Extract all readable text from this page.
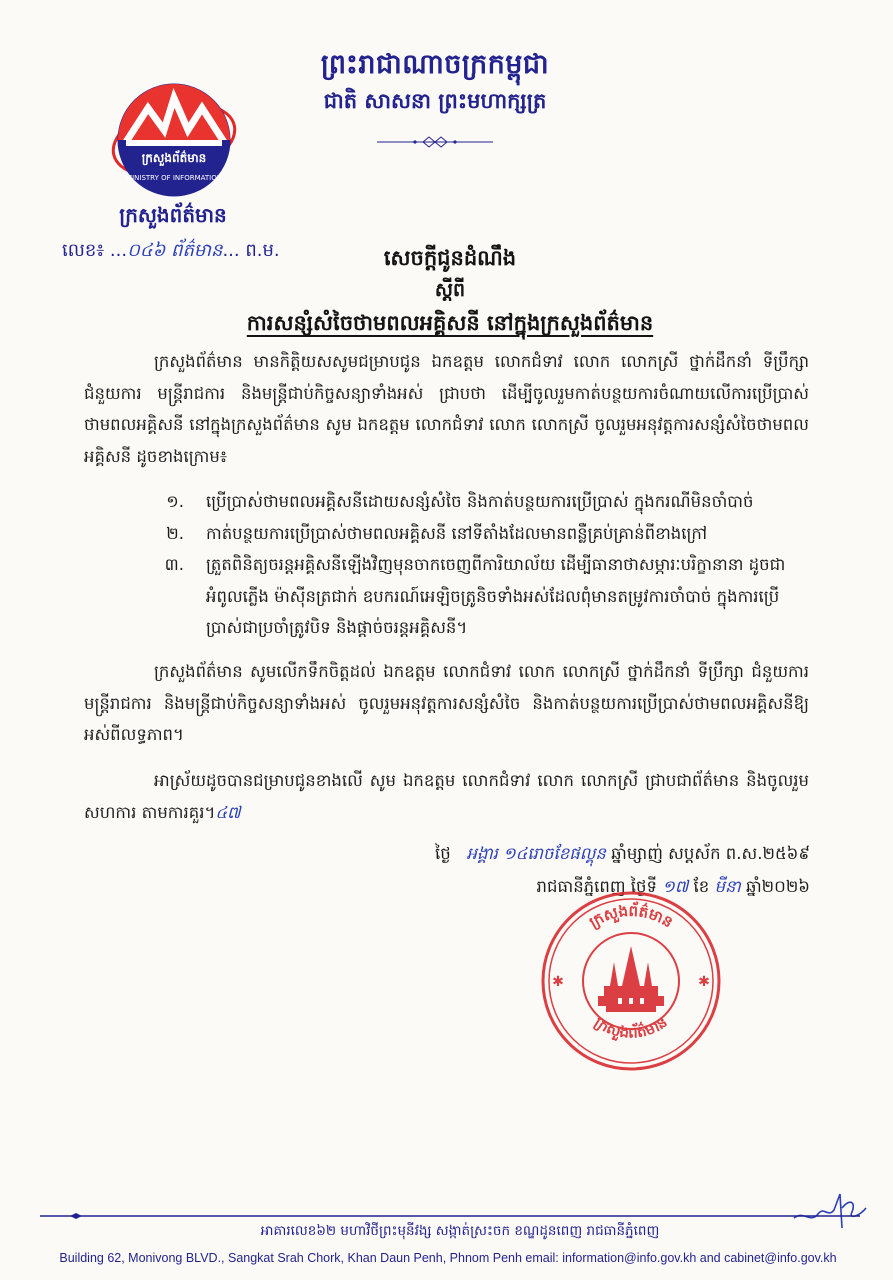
ព្រះរាជាណាចក្រកម្ពុជា
ជាតិ សាសនា ព្រះមហាក្សត្រ
ក្រសួងព័ត៌មាន
MINISTRY OF INFORMATION
ក្រសួងព័ត៌មាន
លេខ៖ ...០៤៦ ព័ត៌មាន... ព.ម.	សេចក្តីជូនដំណឹង
ស្តីពី
ការសន្សំសំចៃថាមពលអគ្គិសនី នៅក្នុងក្រសួងព័ត៌មាន
ក្រសួងព័ត៌មាន មានកិត្តិយសសូមជម្រាបជូន ឯកឧត្តម លោកជំទាវ លោក លោកស្រី ថ្នាក់ដឹកនាំ ទីប្រឹក្សា ជំនួយការ មន្ត្រីរាជការ និងមន្ត្រីជាប់កិច្ចសន្យាទាំងអស់ ជ្រាបថា ដើម្បីចូលរួមកាត់បន្ថយការចំណាយលើការប្រើប្រាស់ថាមពលអគ្គិសនី នៅក្នុងក្រសួងព័ត៌មាន សូម ឯកឧត្តម លោកជំទាវ លោក លោកស្រី ចូលរួមអនុវត្តការសន្សំសំចៃថាមពលអគ្គិសនី ដូចខាងក្រោម៖
១.	ប្រើប្រាស់ថាមពលអគ្គិសនីដោយសន្សំសំចៃ និងកាត់បន្ថយការប្រើប្រាស់ ក្នុងករណីមិនចាំបាច់
២.	កាត់បន្ថយការប្រើប្រាស់ថាមពលអគ្គិសនី នៅទីតាំងដែលមានពន្លឺគ្រប់គ្រាន់ពីខាងក្រៅ
៣.	ត្រួតពិនិត្យចរន្តអគ្គិសនីឡើងវិញមុនចាកចេញពីការិយាល័យ ដើម្បីធានាថាសម្ភារៈបរិក្ខានានា ដូចជាអំពូលភ្លើង ម៉ាស៊ីនត្រជាក់ ឧបករណ៍អេឡិចត្រូនិចទាំងអស់ដែលពុំមានតម្រូវការចាំបាច់ ក្នុងការប្រើប្រាស់ជាប្រចាំត្រូវបិទ និងផ្តាច់ចរន្តអគ្គិសនី។
ក្រសួងព័ត៌មាន សូមលើកទឹកចិត្តដល់ ឯកឧត្តម លោកជំទាវ លោក លោកស្រី ថ្នាក់ដឹកនាំ ទីប្រឹក្សា ជំនួយការ មន្ត្រីរាជការ និងមន្ត្រីជាប់កិច្ចសន្យាទាំងអស់ ចូលរួមអនុវត្តការសន្សំសំចៃ និងកាត់បន្ថយការប្រើប្រាស់ថាមពលអគ្គិសនីឱ្យអស់ពីលទ្ធភាព។
អាស្រ័យដូចបានជម្រាបជូនខាងលើ សូម ឯកឧត្តម លោកជំទាវ លោក លោកស្រី ជ្រាបជាព័ត៌មាន និងចូលរួមសហការ តាមការគួរ។៤៧
ថ្ងៃ អង្គារ ១៤រោចខែផល្គុន ឆ្នាំម្សាញ់ សប្តស័ក ព.ស.២៥៦៩
រាជធានីភ្នំពេញ ថ្ងៃទី ១៧ ខែ មីនា ឆ្នាំ២០២៦
ក្រសួងព័ត៌មាន
ក្រសួងព័ត៌មាន
✱	✱
អាគារលេខ៦២ មហាវិថីព្រះមុនីវង្ស សង្កាត់ស្រះចក ខណ្ឌដូនពេញ រាជធានីភ្នំពេញ
Building 62, Monivong BLVD., Sangkat Srah Chork, Khan Daun Penh, Phnom Penh email: information@info.gov.kh and cabinet@info.gov.kh
